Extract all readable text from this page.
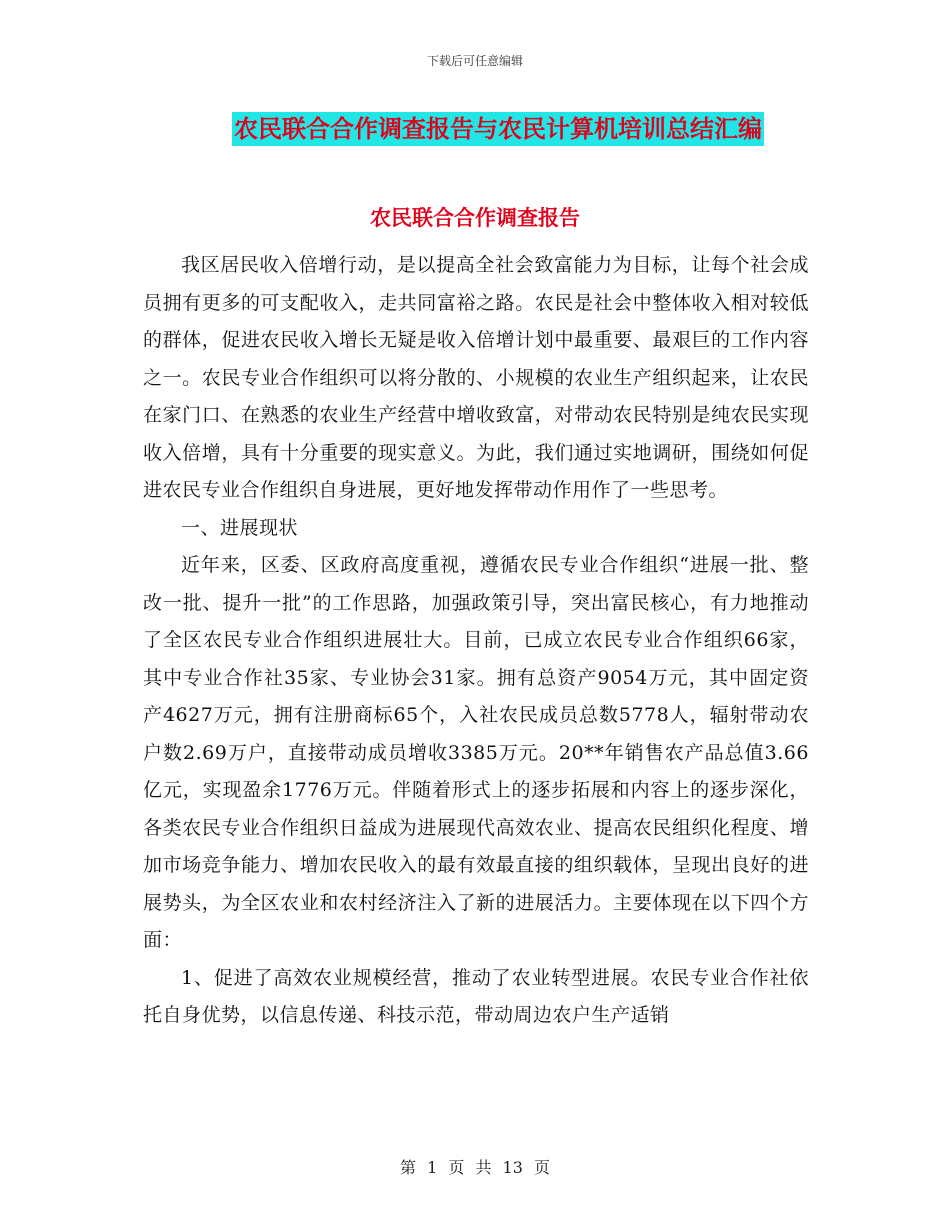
下载后可任意编辑
农民联合合作调查报告与农民计算机培训总结汇编
农民联合合作调查报告

我区居民收入倍增行动，是以提高全社会致富能力为目标，让每个社会成员拥有更多的可支配收入，走共同富裕之路。农民是社会中整体收入相对较低的群体，促进农民收入增长无疑是收入倍增计划中最重要、最艰巨的工作内容之一。农民专业合作组织可以将分散的、小规模的农业生产组织起来，让农民在家门口、在熟悉的农业生产经营中增收致富，对带动农民特别是纯农民实现收入倍增，具有十分重要的现实意义。为此，我们通过实地调研，围绕如何促进农民专业合作组织自身进展，更好地发挥带动作用作了一些思考。

一、进展现状

近年来，区委、区政府高度重视，遵循农民专业合作组织“进展一批、整改一批、提升一批”的工作思路，加强政策引导，突出富民核心，有力地推动了全区农民专业合作组织进展壮大。目前，已成立农民专业合作组织66家，其中专业合作社35家、专业协会31家。拥有总资产9054万元，其中固定资产4627万元，拥有注册商标65个，入社农民成员总数5778人，辐射带动农户数2.69万户，直接带动成员增收3385万元。20**年销售农产品总值3.66亿元，实现盈余1776万元。伴随着形式上的逐步拓展和内容上的逐步深化，各类农民专业合作组织日益成为进展现代高效农业、提高农民组织化程度、增加市场竞争能力、增加农民收入的最有效最直接的组织载体，呈现出良好的进展势头，为全区农业和农村经济注入了新的进展活力。主要体现在以下四个方面：

1、促进了高效农业规模经营，推动了农业转型进展。农民专业合作社依托自身优势，以信息传递、科技示范，带动周边农户生产适销

第 1 页 共 13 页
